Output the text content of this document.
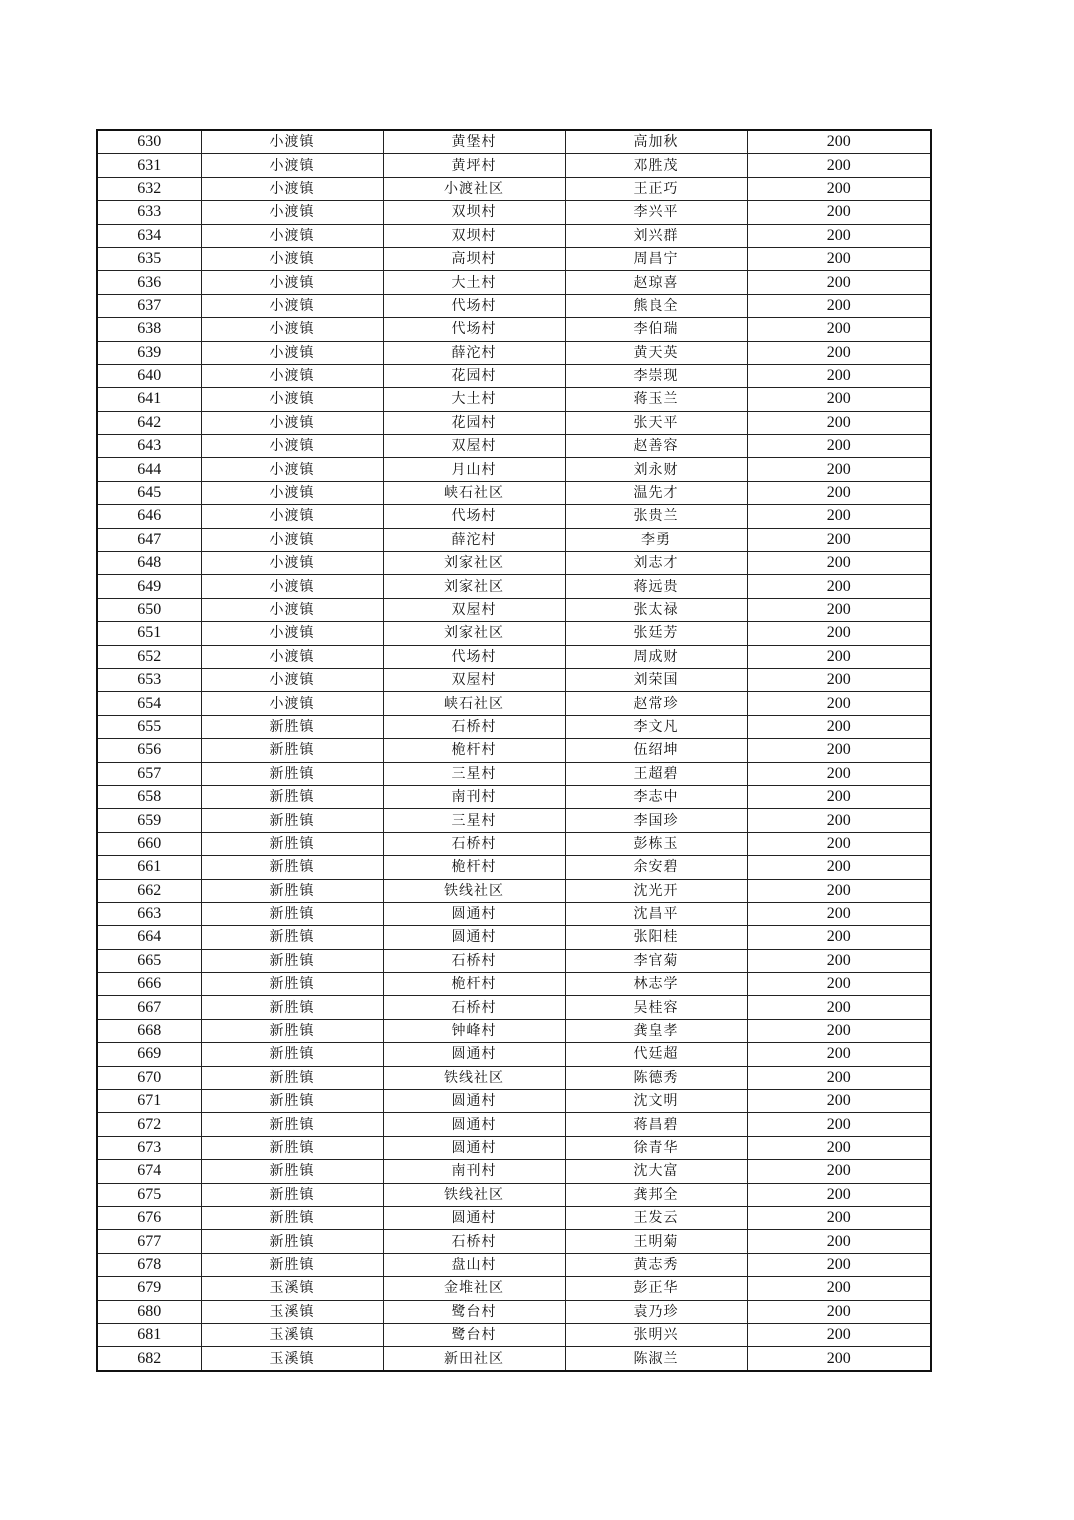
630	小渡镇	黄堡村	高加秋	200
631	小渡镇	黄坪村	邓胜茂	200
632	小渡镇	小渡社区	王正巧	200
633	小渡镇	双坝村	李兴平	200
634	小渡镇	双坝村	刘兴群	200
635	小渡镇	高坝村	周昌宁	200
636	小渡镇	大土村	赵琼喜	200
637	小渡镇	代场村	熊良全	200
638	小渡镇	代场村	李伯瑞	200
639	小渡镇	薛沱村	黄天英	200
640	小渡镇	花园村	李崇现	200
641	小渡镇	大土村	蒋玉兰	200
642	小渡镇	花园村	张天平	200
643	小渡镇	双屋村	赵善容	200
644	小渡镇	月山村	刘永财	200
645	小渡镇	峡石社区	温先才	200
646	小渡镇	代场村	张贵兰	200
647	小渡镇	薛沱村	李勇	200
648	小渡镇	刘家社区	刘志才	200
649	小渡镇	刘家社区	蒋远贵	200
650	小渡镇	双屋村	张太禄	200
651	小渡镇	刘家社区	张廷芳	200
652	小渡镇	代场村	周成财	200
653	小渡镇	双屋村	刘荣国	200
654	小渡镇	峡石社区	赵常珍	200
655	新胜镇	石桥村	李文凡	200
656	新胜镇	桅杆村	伍绍坤	200
657	新胜镇	三星村	王超碧	200
658	新胜镇	南刊村	李志中	200
659	新胜镇	三星村	李国珍	200
660	新胜镇	石桥村	彭栋玉	200
661	新胜镇	桅杆村	余安碧	200
662	新胜镇	铁线社区	沈光开	200
663	新胜镇	圆通村	沈昌平	200
664	新胜镇	圆通村	张阳桂	200
665	新胜镇	石桥村	李官菊	200
666	新胜镇	桅杆村	林志学	200
667	新胜镇	石桥村	吴桂容	200
668	新胜镇	钟峰村	龚皇孝	200
669	新胜镇	圆通村	代廷超	200
670	新胜镇	铁线社区	陈德秀	200
671	新胜镇	圆通村	沈文明	200
672	新胜镇	圆通村	蒋昌碧	200
673	新胜镇	圆通村	徐青华	200
674	新胜镇	南刊村	沈大富	200
675	新胜镇	铁线社区	龚邦全	200
676	新胜镇	圆通村	王发云	200
677	新胜镇	石桥村	王明菊	200
678	新胜镇	盘山村	黄志秀	200
679	玉溪镇	金堆社区	彭正华	200
680	玉溪镇	鹭台村	袁乃珍	200
681	玉溪镇	鹭台村	张明兴	200
682	玉溪镇	新田社区	陈淑兰	200
